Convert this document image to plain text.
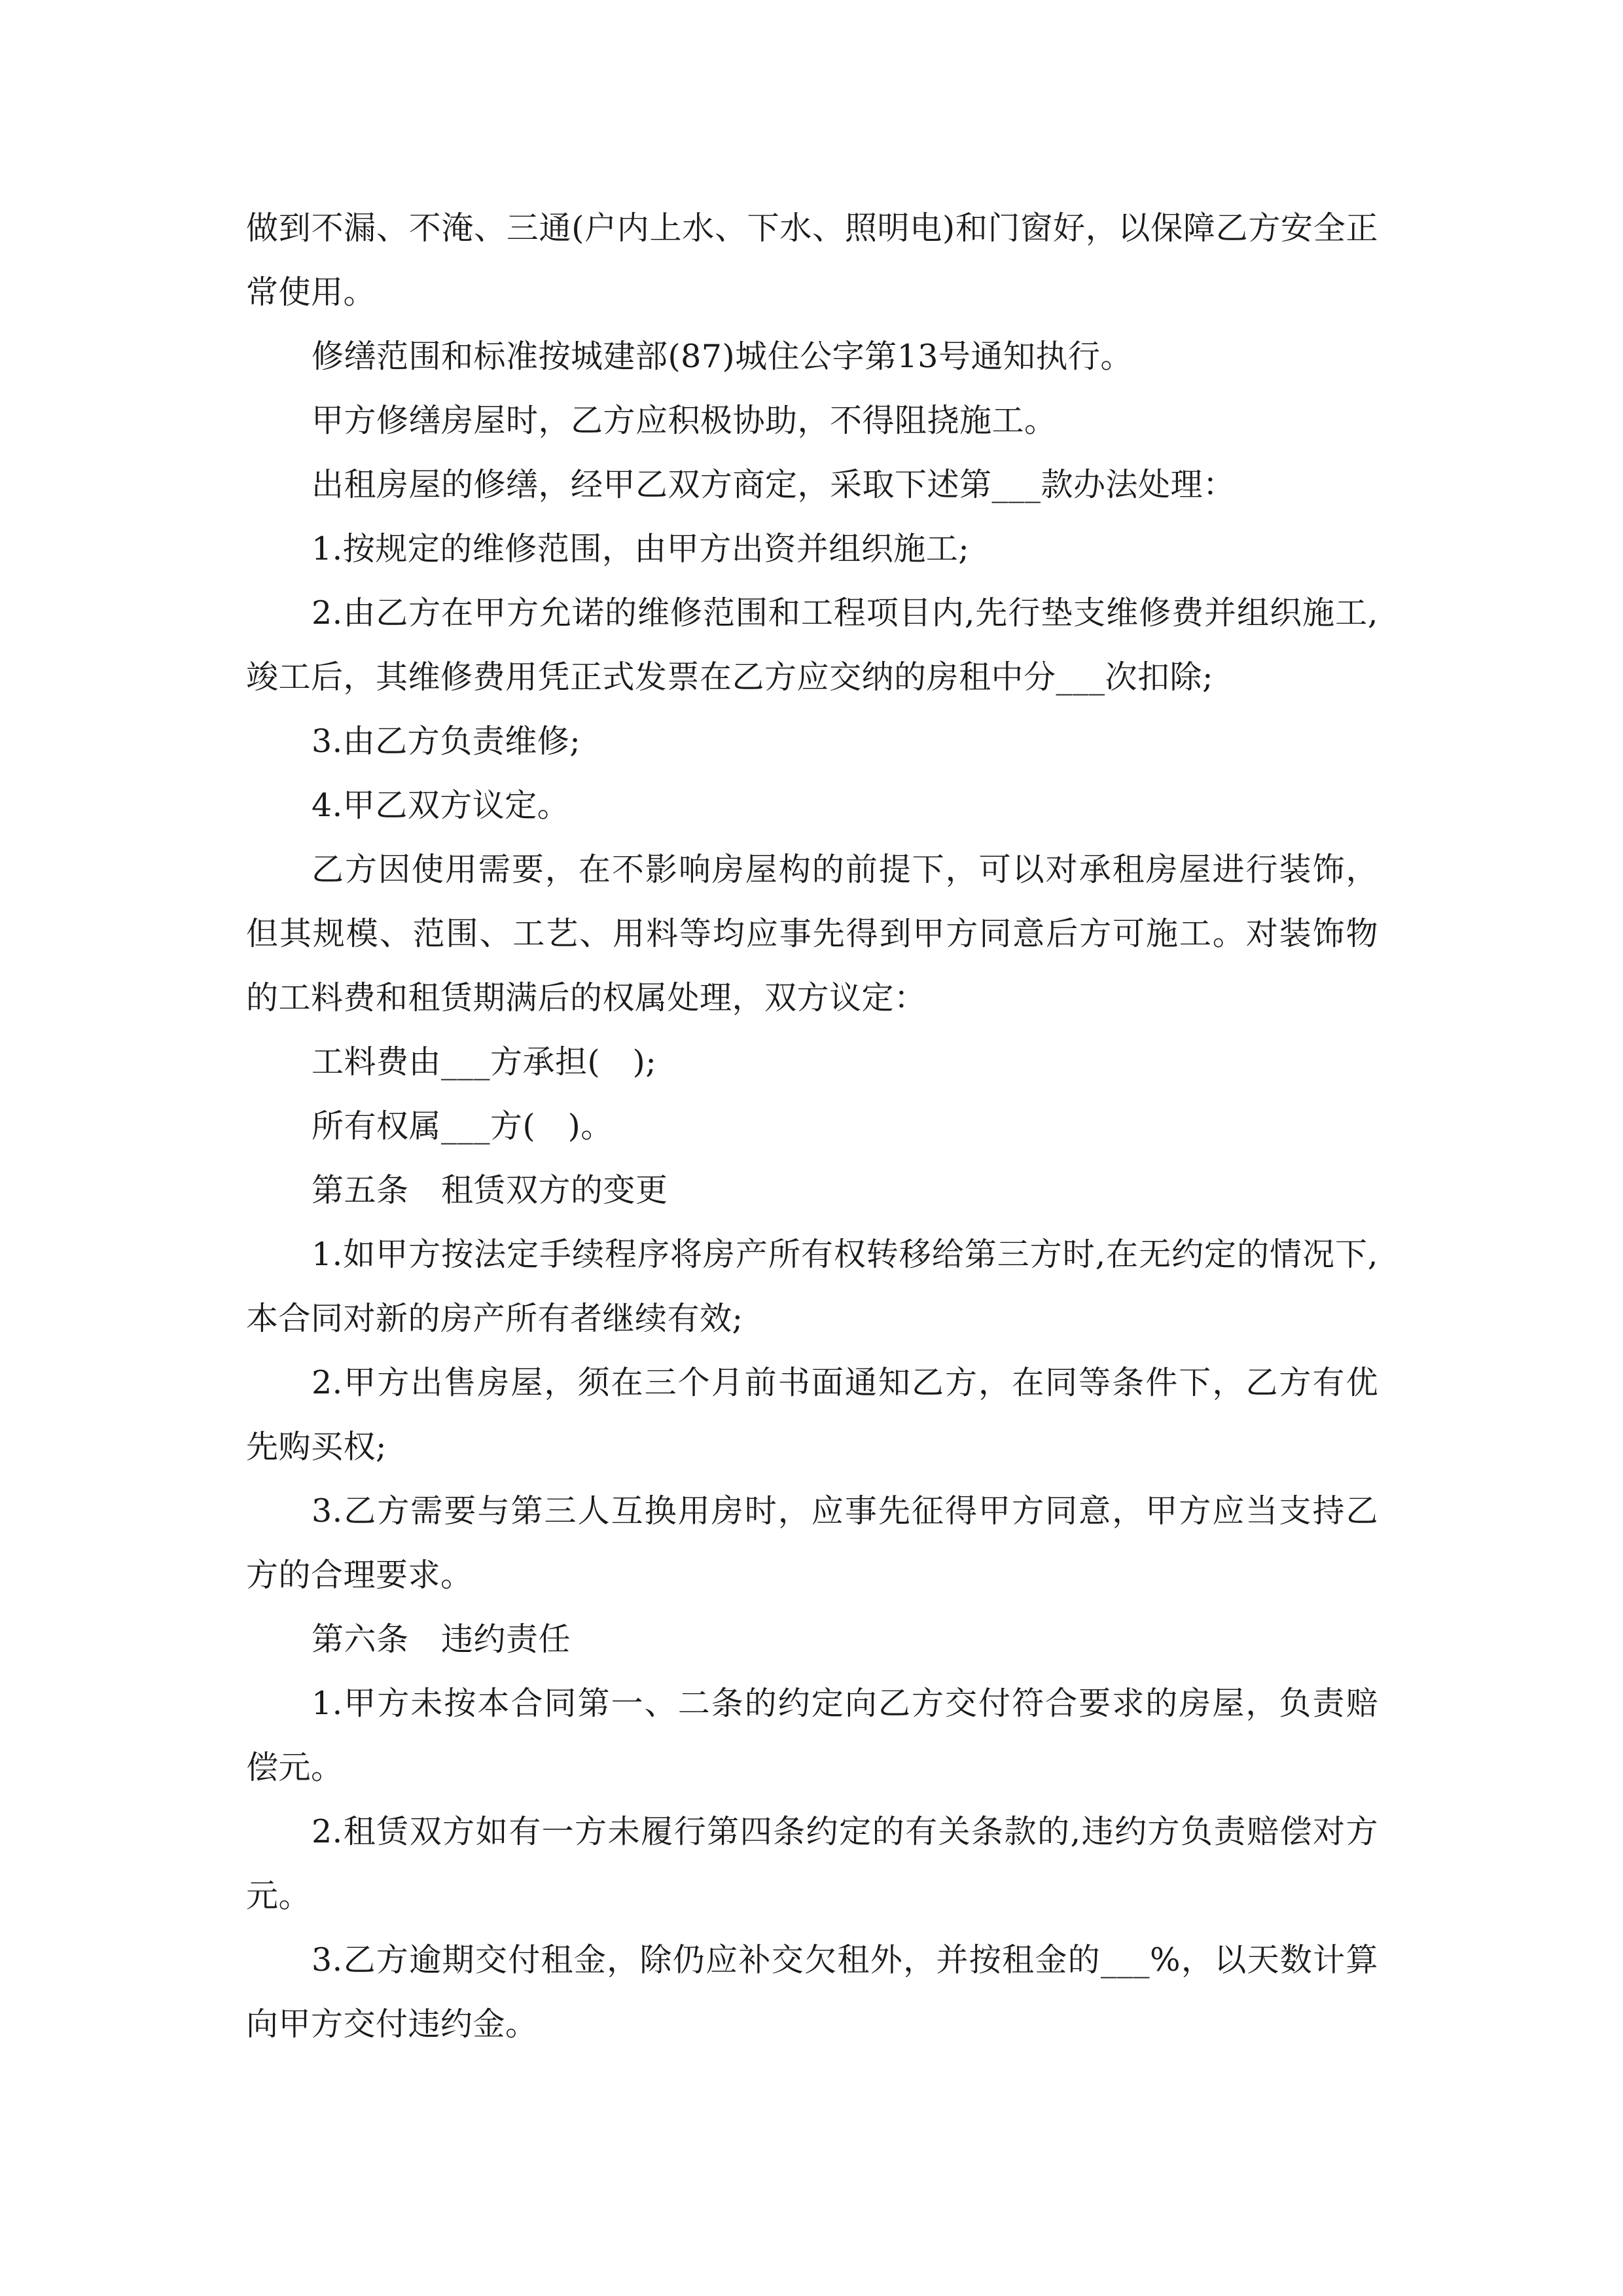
做到不漏、不淹、三通(户内上水、下水、照明电)和门窗好，以保障乙方安全正常使用。

修缮范围和标准按城建部(87)城住公字第13号通知执行。

甲方修缮房屋时，乙方应积极协助，不得阻挠施工。

出租房屋的修缮，经甲乙双方商定，采取下述第___款办法处理：

1.按规定的维修范围，由甲方出资并组织施工;

2.由乙方在甲方允诺的维修范围和工程项目内,先行垫支维修费并组织施工,竣工后，其维修费用凭正式发票在乙方应交纳的房租中分___次扣除;

3.由乙方负责维修;

4.甲乙双方议定。

乙方因使用需要，在不影响房屋构的前提下，可以对承租房屋进行装饰，但其规模、范围、工艺、用料等均应事先得到甲方同意后方可施工。对装饰物的工料费和租赁期满后的权属处理，双方议定：

工料费由___方承担(　);

所有权属___方(　)。

第五条　租赁双方的变更

1.如甲方按法定手续程序将房产所有权转移给第三方时,在无约定的情况下,本合同对新的房产所有者继续有效;

2.甲方出售房屋，须在三个月前书面通知乙方，在同等条件下，乙方有优先购买权;

3.乙方需要与第三人互换用房时，应事先征得甲方同意，甲方应当支持乙方的合理要求。

第六条　违约责任

1.甲方未按本合同第一、二条的约定向乙方交付符合要求的房屋，负责赔偿元。

2.租赁双方如有一方未履行第四条约定的有关条款的,违约方负责赔偿对方元。

3.乙方逾期交付租金，除仍应补交欠租外，并按租金的___%，以天数计算向甲方交付违约金。
